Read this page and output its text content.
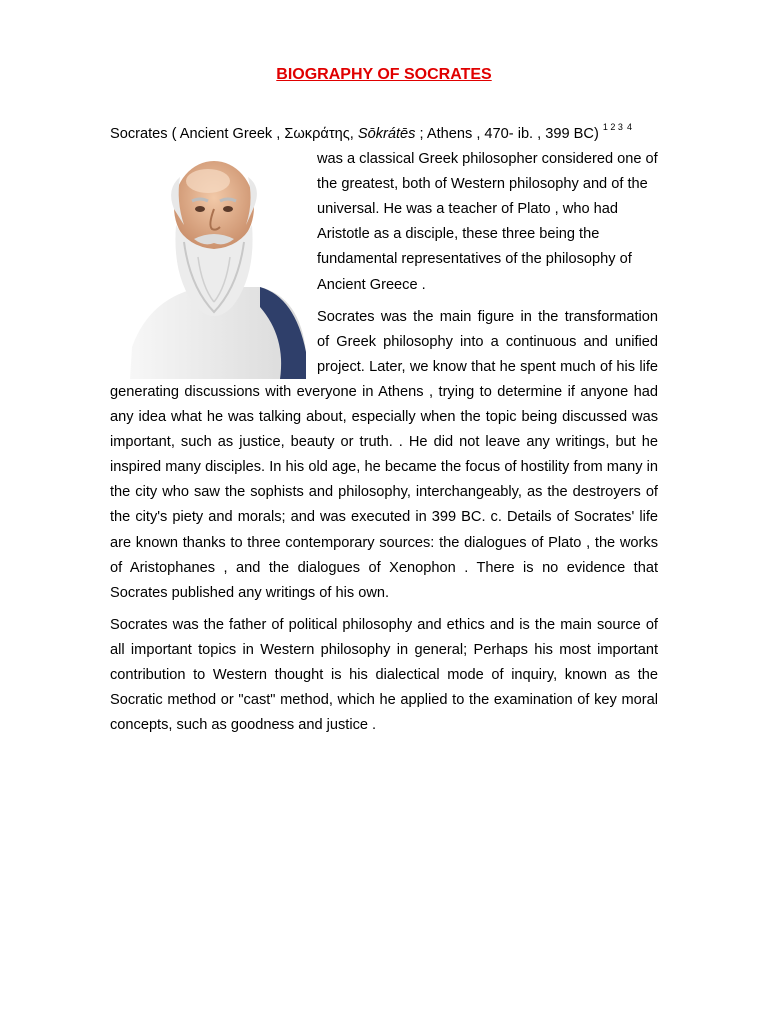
BIOGRAPHY OF SOCRATES

Socrates ( Ancient Greek , Σωκράτης, Sōkrátēs ; Athens , 470- ib. , 399 BC) $^{1 2 3}$ $^4$
was a classical Greek philosopher considered one of the greatest, both of Western philosophy and of the universal. He was a teacher of Plato , who had Aristotle as a disciple, these three being the fundamental representatives of the philosophy of Ancient Greece .

Socrates was the main figure in the transformation of Greek philosophy into a continuous and unified project. Later, we know that he spent much of his life generating discussions with everyone in Athens , trying to determine if anyone had any idea what he was talking about, especially when the topic being discussed was important, such as justice, beauty or truth. . He did not leave any writings, but he inspired many disciples. In his old age, he became the focus of hostility from many in the city who saw the sophists and philosophy, interchangeably, as the destroyers of the city's piety and morals; and was executed in 399 BC. c. Details of Socrates' life are known thanks to three contemporary sources: the dialogues of Plato , the works of Aristophanes , and the dialogues of Xenophon . There is no evidence that Socrates published any writings of his own.

Socrates was the father of political philosophy and ethics and is the main source of all important topics in Western philosophy in general; Perhaps his most important contribution to Western thought is his dialectical mode of inquiry, known as the Socratic method or "cast" method, which he applied to the examination of key moral concepts, such as goodness and justice .
